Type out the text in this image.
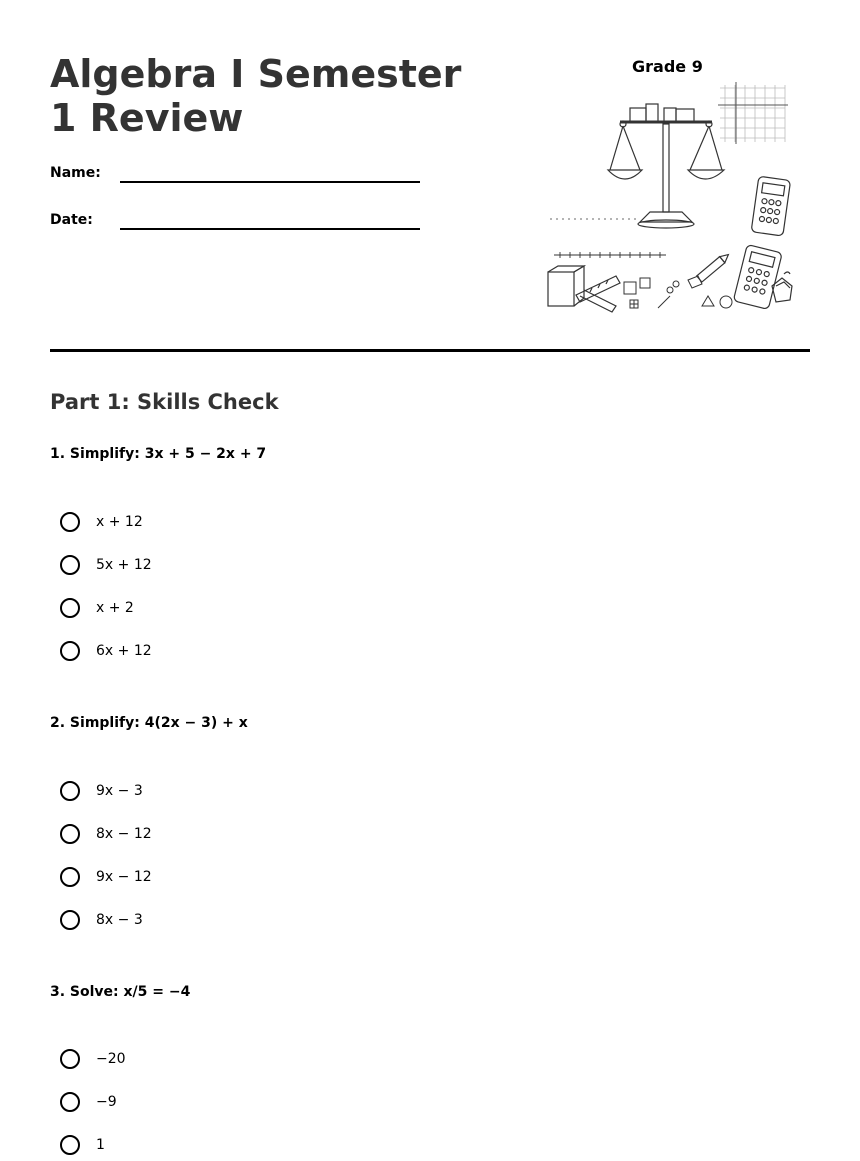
Algebra I Semester 1 Review
Name:
Date:
Grade 9
Part 1: Skills Check
1. Simplify: 3x + 5 − 2x + 7
x + 12
5x + 12
x + 2
6x + 12
2. Simplify: 4(2x − 3) + x
9x − 3
8x − 12
9x − 12
8x − 3
3. Solve: x/5 = −4
−20
−9
1
